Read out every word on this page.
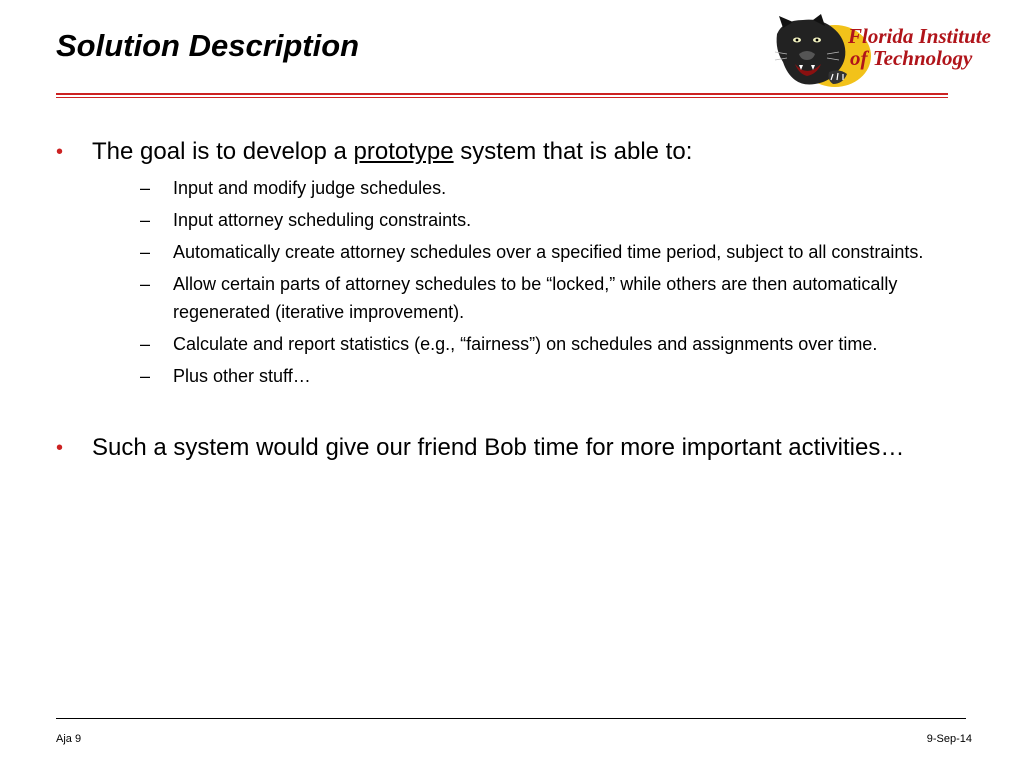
Solution Description	Florida Institute
of Technology
• The goal is to develop a prototype system that is able to:
– Input and modify judge schedules.
– Input attorney scheduling constraints.
– Automatically create attorney schedules over a specified time period, subject to all constraints.
– Allow certain parts of attorney schedules to be “locked,” while others are then automatically regenerated (iterative improvement).
– Calculate and report statistics (e.g., “fairness”) on schedules and assignments over time.
– Plus other stuff…
• Such a system would give our friend Bob time for more important activities…
Aja 9	9-Sep-14
